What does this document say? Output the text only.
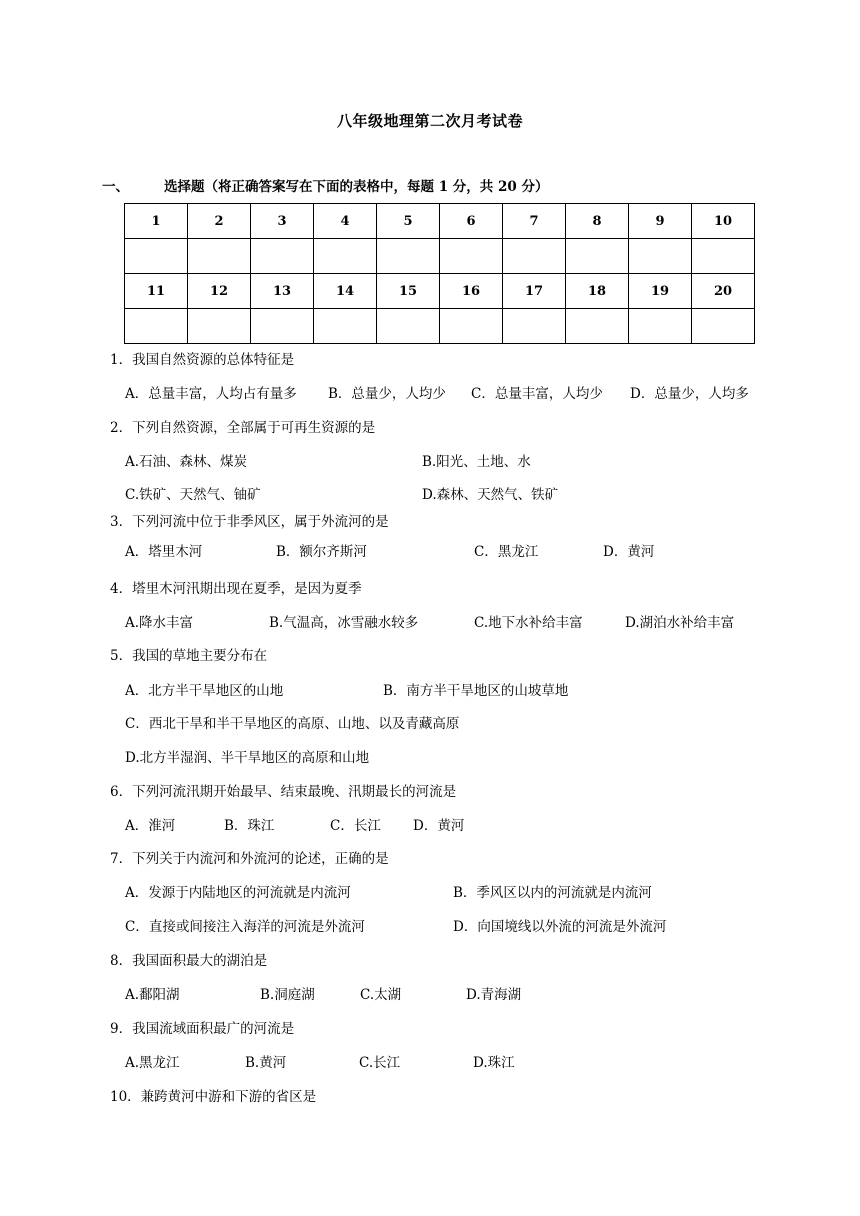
八年级地理第二次月考试卷
一、	选择题（将正确答案写在下面的表格中，每题 1 分，共 20 分）
1	2	3	4	5	6	7	8	9	10

11	12	13	14	15	16	17	18	19	20

1．我国自然资源的总体特征是
A．总量丰富，人均占有量多 B．总量少，人均少 C．总量丰富，人均少 D．总量少，人均多
2．下列自然资源，全部属于可再生资源的是
A.石油、森林、煤炭	B.阳光、土地、水
C.铁矿、天然气、铀矿	D.森林、天然气、铁矿
3．下列河流中位于非季风区，属于外流河的是
A．塔里木河	B．额尔齐斯河	C．黑龙江	D．黄河
4．塔里木河汛期出现在夏季，是因为夏季
A.降水丰富	B.气温高，冰雪融水较多	C.地下水补给丰富	D.湖泊水补给丰富
5．我国的草地主要分布在
A．北方半干旱地区的山地	B．南方半干旱地区的山坡草地
C．西北干旱和半干旱地区的高原、山地、以及青藏高原
D.北方半湿润、半干旱地区的高原和山地
6．下列河流汛期开始最早、结束最晚、汛期最长的河流是
A．淮河	B．珠江	C．长江 D．黄河
7．下列关于内流河和外流河的论述，正确的是
A．发源于内陆地区的河流就是内流河	B．季风区以内的河流就是内流河
C．直接或间接注入海洋的河流是外流河	D．向国境线以外流的河流是外流河
8．我国面积最大的湖泊是
A.鄱阳湖	B.洞庭湖	C.太湖	D.青海湖
9．我国流域面积最广的河流是
A.黑龙江	B.黄河	C.长江	D.珠江
10．兼跨黄河中游和下游的省区是
